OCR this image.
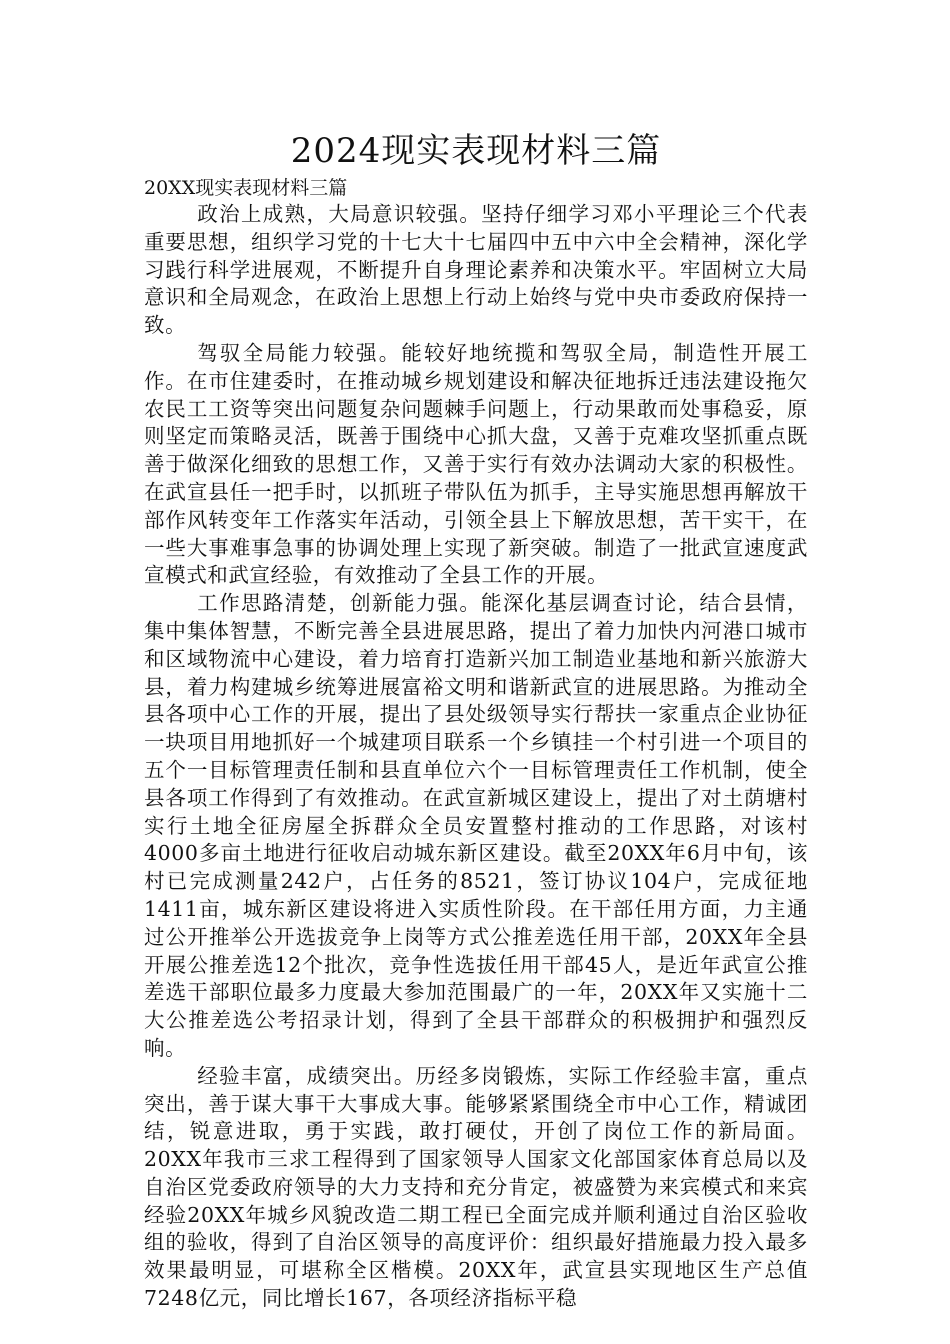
2024现实表现材料三篇

20XX现实表现材料三篇

政治上成熟，大局意识较强。坚持仔细学习邓小平理论三个代表重要思想，组织学习党的十七大十七届四中五中六中全会精神，深化学习践行科学进展观，不断提升自身理论素养和决策水平。牢固树立大局意识和全局观念，在政治上思想上行动上始终与党中央市委政府保持一致。

驾驭全局能力较强。能较好地统揽和驾驭全局，制造性开展工作。在市住建委时，在推动城乡规划建设和解决征地拆迁违法建设拖欠农民工工资等突出问题复杂问题棘手问题上，行动果敢而处事稳妥，原则坚定而策略灵活，既善于围绕中心抓大盘，又善于克难攻坚抓重点既善于做深化细致的思想工作，又善于实行有效办法调动大家的积极性。在武宣县任一把手时，以抓班子带队伍为抓手，主导实施思想再解放干部作风转变年工作落实年活动，引领全县上下解放思想，苦干实干，在一些大事难事急事的协调处理上实现了新突破。制造了一批武宣速度武宣模式和武宣经验，有效推动了全县工作的开展。

工作思路清楚，创新能力强。能深化基层调查讨论，结合县情，集中集体智慧，不断完善全县进展思路，提出了着力加快内河港口城市和区域物流中心建设，着力培育打造新兴加工制造业基地和新兴旅游大县，着力构建城乡统筹进展富裕文明和谐新武宣的进展思路。为推动全县各项中心工作的开展，提出了县处级领导实行帮扶一家重点企业协征一块项目用地抓好一个城建项目联系一个乡镇挂一个村引进一个项目的五个一目标管理责任制和县直单位六个一目标管理责任工作机制，使全县各项工作得到了有效推动。在武宣新城区建设上，提出了对土荫塘村实行土地全征房屋全拆群众全员安置整村推动的工作思路，对该村4000多亩土地进行征收启动城东新区建设。截至20XX年6月中旬，该村已完成测量242户，占任务的8521，签订协议104户，完成征地1411亩，城东新区建设将进入实质性阶段。在干部任用方面，力主通过公开推举公开选拔竞争上岗等方式公推差选任用干部，20XX年全县开展公推差选12个批次，竞争性选拔任用干部45人，是近年武宣公推差选干部职位最多力度最大参加范围最广的一年，20XX年又实施十二大公推差选公考招录计划，得到了全县干部群众的积极拥护和强烈反响。

经验丰富，成绩突出。历经多岗锻炼，实际工作经验丰富，重点突出，善于谋大事干大事成大事。能够紧紧围绕全市中心工作，精诚团结，锐意进取，勇于实践，敢打硬仗，开创了岗位工作的新局面。20XX年我市三求工程得到了国家领导人国家文化部国家体育总局以及自治区党委政府领导的大力支持和充分肯定，被盛赞为来宾模式和来宾经验20XX年城乡风貌改造二期工程已全面完成并顺利通过自治区验收组的验收，得到了自治区领导的高度评价：组织最好措施最力投入最多效果最明显，可堪称全区楷模。20XX年，武宣县实现地区生产总值7248亿元，同比增长167，各项经济指标平稳
